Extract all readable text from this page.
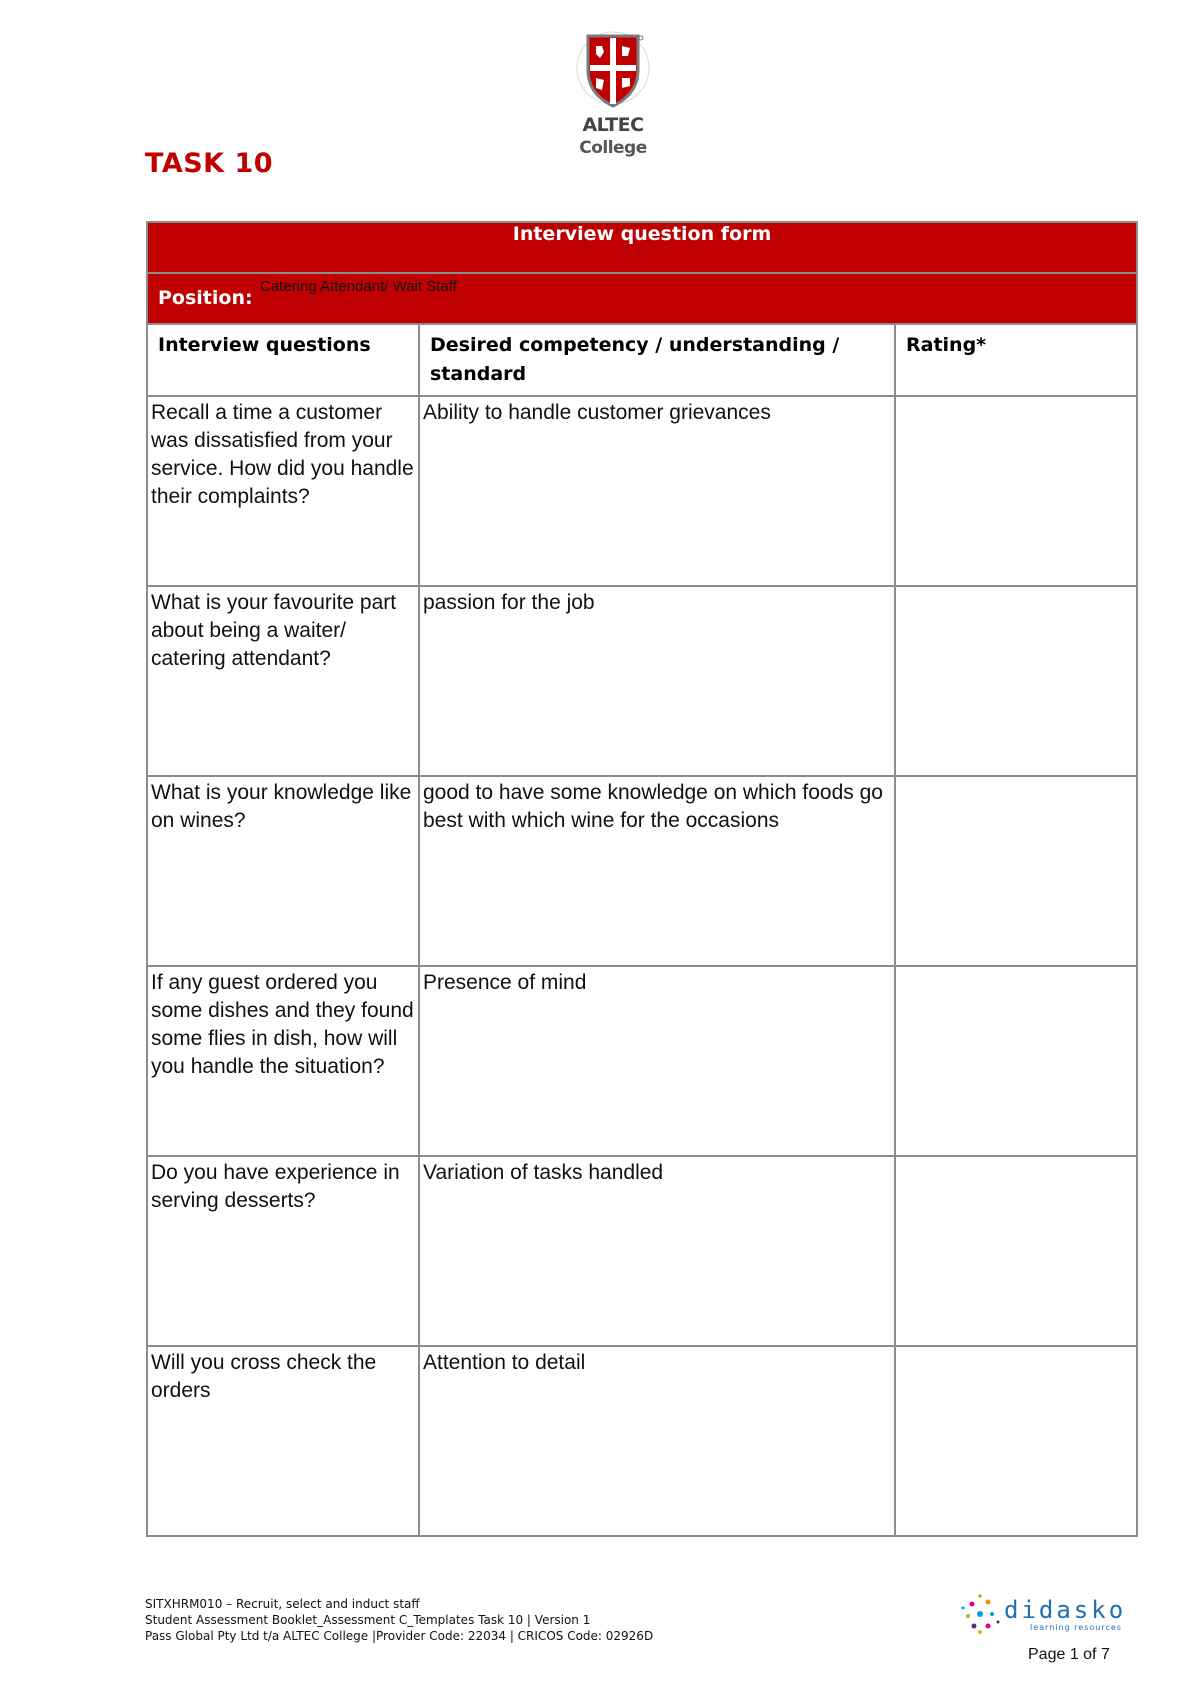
ALTEC College
TASK 10
Interview question form		

Position:
Catering Attendant/ Wait Staff		

Interview questions	Desired competency / understanding / standard	Rating*

Recall a time a customer was dissatisfied from your service. How did you handle their complaints?	Ability to handle customer grievances	

What is your favourite part about being a waiter/ catering attendant?	passion for the job	

What is your knowledge like on wines?	good to have some knowledge on which foods go best with which wine for the occasions	

If any guest ordered you some dishes and they found some flies in dish, how will you handle the situation?	Presence of mind	

Do you have experience in serving desserts?	Variation of tasks handled	

Will you cross check the orders	Attention to detail	

SITXHRM010 – Recruit, select and induct staff
Student Assessment Booklet_Assessment C_Templates Task 10 | Version 1
Pass Global Pty Ltd t/a ALTEC College |Provider Code: 22034 | CRICOS Code: 02926D
didasko
learning resources
Page 1 of 7
